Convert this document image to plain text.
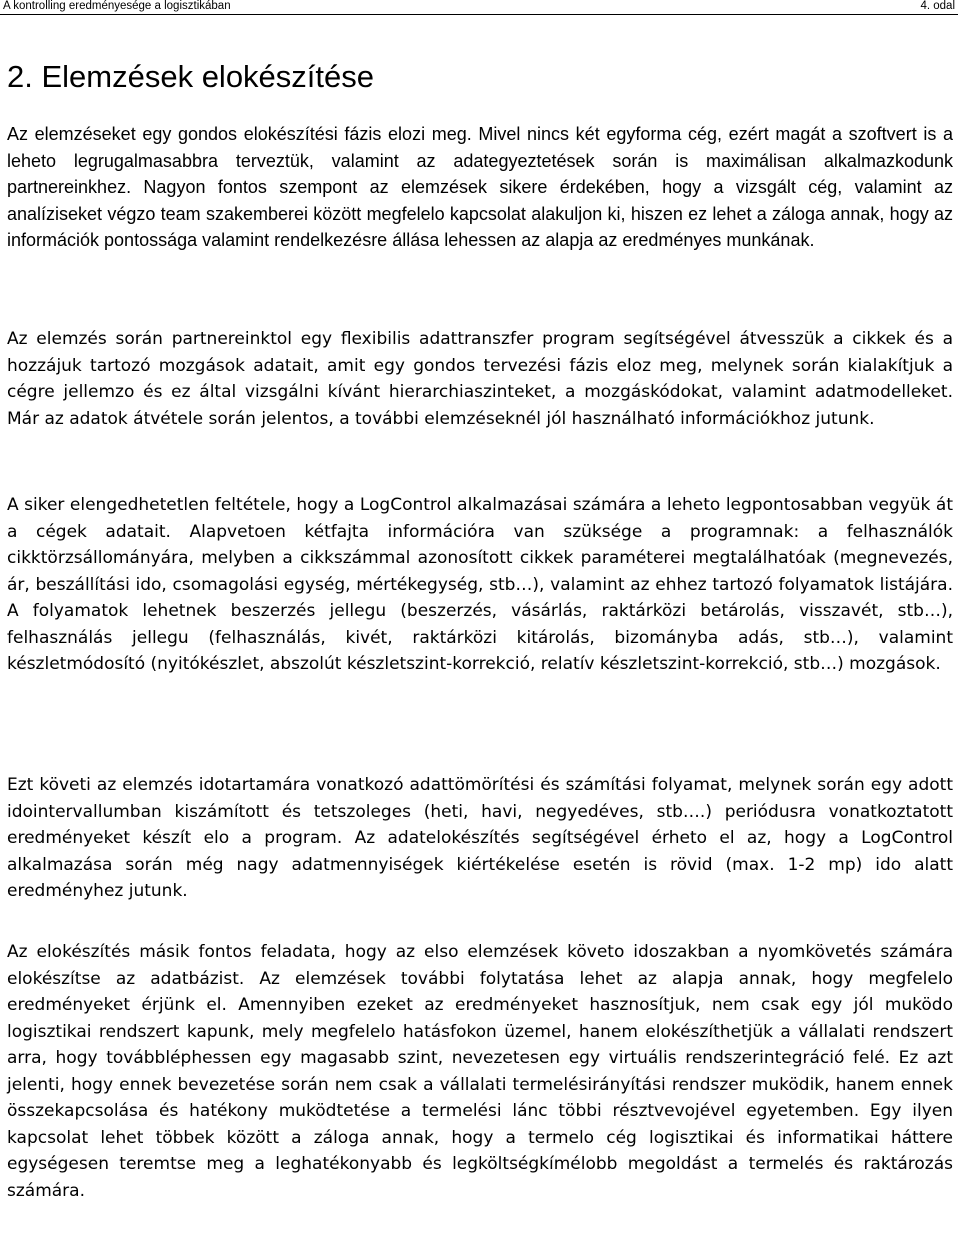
A kontrolling eredményesége a logisztikában	4. odal
2. Elemzések elokészítése

Az elemzéseket egy gondos elokészítési fázis elozi meg. Mivel nincs két egyforma cég, ezért magát a szoftvert is a leheto legrugalmasabbra terveztük, valamint az adategyeztetések során is maximálisan alkalmazkodunk partnereinkhez. Nagyon fontos szempont az elemzések sikere érdekében, hogy a vizsgált cég, valamint az analíziseket végzo team szakemberei között megfelelo kapcsolat alakuljon ki, hiszen ez lehet a záloga annak, hogy az információk pontossága valamint rendelkezésre állása lehessen az alapja az eredményes munkának.

Az elemzés során partnereinktol egy flexibilis adattranszfer program segítségével átvesszük a cikkek és a hozzájuk tartozó mozgások adatait, amit egy gondos tervezési fázis eloz meg, melynek során kialakítjuk a cégre jellemzo és ez által vizsgálni kívánt hierarchiaszinteket, a mozgáskódokat, valamint adatmodelleket. Már az adatok átvétele során jelentos, a további elemzéseknél jól használható információkhoz jutunk.

A siker elengedhetetlen feltétele, hogy a LogControl alkalmazásai számára a leheto legpontosabban vegyük át a cégek adatait. Alapvetoen kétfajta információra van szüksége a programnak: a felhasználók cikktörzsállományára, melyben a cikkszámmal azonosított cikkek paraméterei megtalálhatóak (megnevezés, ár, beszállítási ido, csomagolási egység, mértékegység, stb…), valamint az ehhez tartozó folyamatok listájára. A folyamatok lehetnek beszerzés jellegu (beszerzés, vásárlás, raktárközi betárolás, visszavét, stb…), felhasználás jellegu (felhasználás, kivét, raktárközi kitárolás, bizományba adás, stb…), valamint készletmódosító (nyitókészlet, abszolút készletszint-korrekció, relatív készletszint-korrekció, stb…) mozgások.

Ezt követi az elemzés idotartamára vonatkozó adattömörítési és számítási folyamat, melynek során egy adott idointervallumban kiszámított és tetszoleges (heti, havi, negyedéves, stb….) periódusra vonatkoztatott eredményeket készít elo a program. Az adatelokészítés segítségével érheto el az, hogy a LogControl alkalmazása során még nagy adatmennyiségek kiértékelése esetén is rövid (max. 1-2 mp) ido alatt eredményhez jutunk.

Az elokészítés másik fontos feladata, hogy az elso elemzések követo idoszakban a nyomkövetés számára elokészítse az adatbázist. Az elemzések további folytatása lehet az alapja annak, hogy megfelelo eredményeket érjünk el. Amennyiben ezeket az eredményeket hasznosítjuk, nem csak egy jól muködo logisztikai rendszert kapunk, mely megfelelo hatásfokon üzemel, hanem elokészíthetjük a vállalati rendszert arra, hogy továbbléphessen egy magasabb szint, nevezetesen egy virtuális rendszerintegráció felé. Ez azt jelenti, hogy ennek bevezetése során nem csak a vállalati termelésirányítási rendszer muködik, hanem ennek összekapcsolása és hatékony muködtetése a termelési lánc többi résztvevojével egyetemben. Egy ilyen kapcsolat lehet többek között a záloga annak, hogy a termelo cég logisztikai és informatikai háttere egységesen teremtse meg a leghatékonyabb és legköltségkímélobb megoldást a termelés és raktározás számára.
